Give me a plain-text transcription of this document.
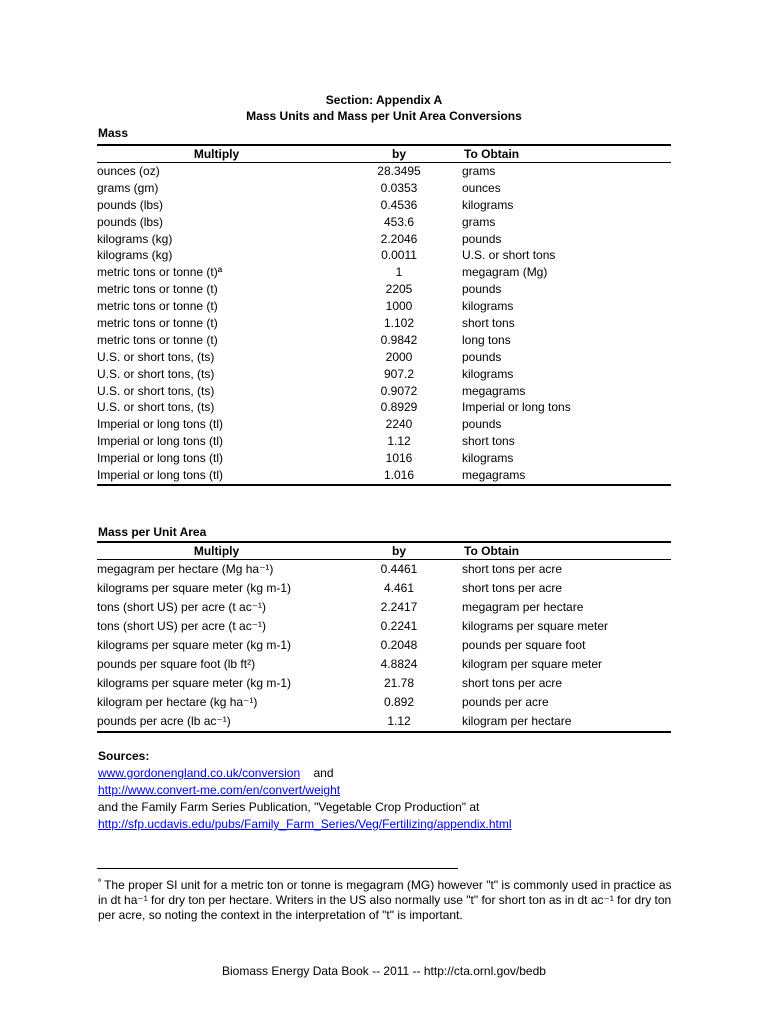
Section: Appendix A
Mass Units and Mass per Unit Area Conversions
Mass
Multiply	by	To Obtain
ounces (oz)	28.3495	grams
grams (gm)	0.0353	ounces
pounds (lbs)	0.4536	kilograms
pounds (lbs)	453.6	grams
kilograms (kg)	2.2046	pounds
kilograms (kg)	0.0011	U.S. or short tons
metric tons or tonne (t)ª	1	megagram (Mg)
metric tons or tonne (t)	2205	pounds
metric tons or tonne (t)	1000	kilograms
metric tons or tonne (t)	1.102	short tons
metric tons or tonne (t)	0.9842	long tons
U.S. or short tons, (ts)	2000	pounds
U.S. or short tons, (ts)	907.2	kilograms
U.S. or short tons, (ts)	0.9072	megagrams
U.S. or short tons, (ts)	0.8929	Imperial or long tons
Imperial or long tons (tl)	2240	pounds
Imperial or long tons (tl)	1.12	short tons
Imperial or long tons (tl)	1016	kilograms
Imperial or long tons (tl)	1.016	megagrams
Mass per Unit Area
Multiply	by	To Obtain
megagram per hectare (Mg ha⁻¹)	0.4461	short tons per acre
kilograms per square meter (kg m-1)	4.461	short tons per acre
tons (short US) per acre (t ac⁻¹)	2.2417	megagram per hectare
tons (short US) per acre (t ac⁻¹)	0.2241	kilograms per square meter
kilograms per square meter (kg m-1)	0.2048	pounds per square foot
pounds per square foot (lb ft²)	4.8824	kilogram per square meter
kilograms per square meter (kg m-1)	21.78	short tons per acre
kilogram per hectare (kg ha⁻¹)	0.892	pounds per acre
pounds per acre (lb ac⁻¹)	1.12	kilogram per hectare
Sources:
www.gordonengland.co.uk/conversion and
http://www.convert-me.com/en/convert/weight
and the Family Farm Series Publication, "Vegetable Crop Production" at
http://sfp.ucdavis.edu/pubs/Family_Farm_Series/Veg/Fertilizing/appendix.html
$^ª$ The proper SI unit for a metric ton or tonne is megagram (MG) however "t" is commonly used in practice as in dt ha⁻¹ for dry ton per hectare. Writers in the US also normally use "t" for short ton as in dt ac⁻¹ for dry ton per acre, so noting the context in the interpretation of "t" is important.
Biomass Energy Data Book -- 2011 -- http://cta.ornl.gov/bedb
